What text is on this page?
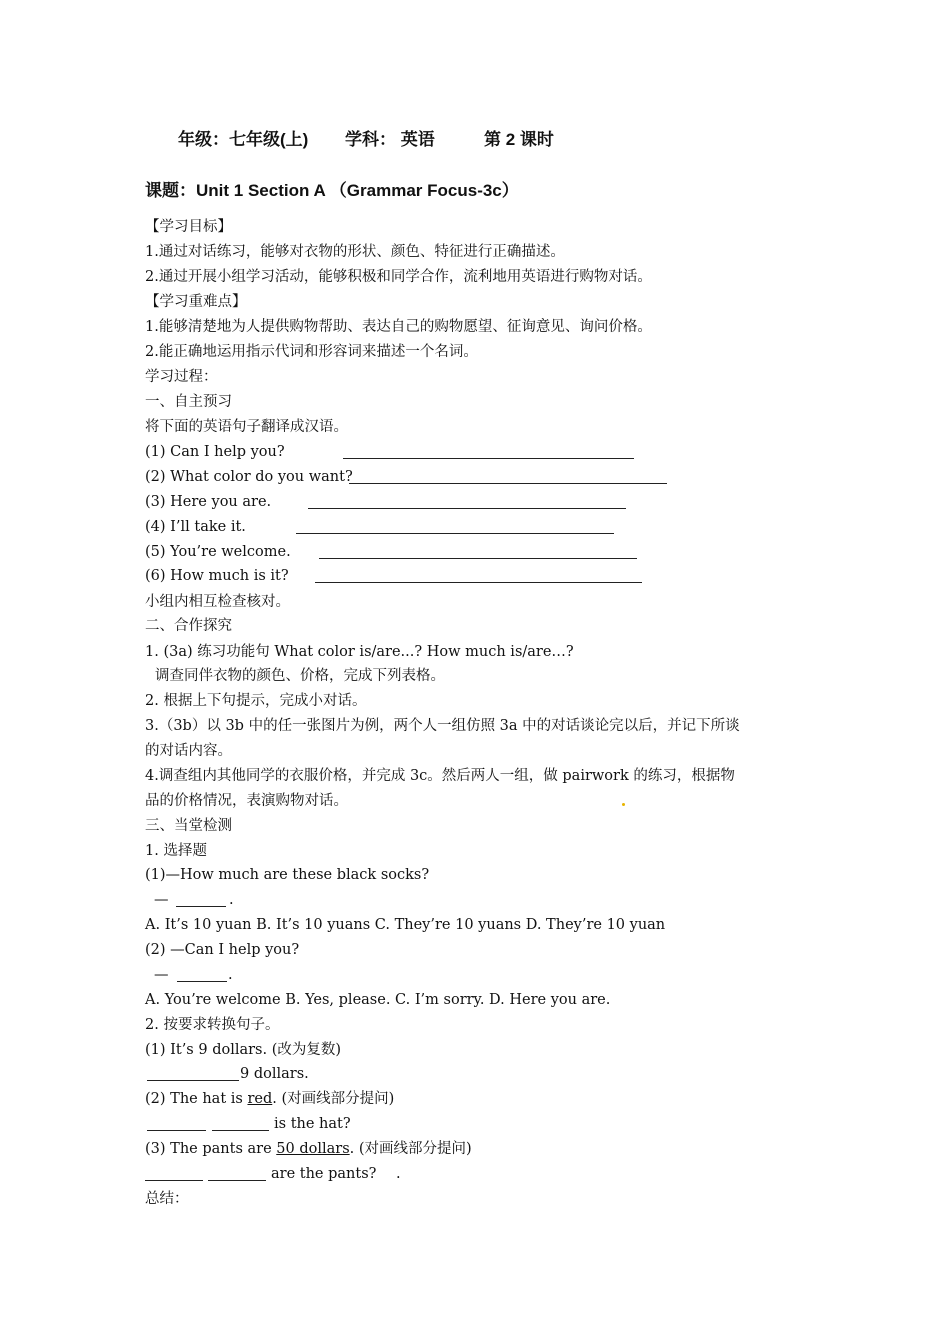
年级：七年级(上) 学科： 英语	第 2 课时
课题：Unit 1 Section A （Grammar Focus-3c）
【学习目标】
1.通过对话练习，能够对衣物的形状、颜色、特征进行正确描述。
2.通过开展小组学习活动，能够积极和同学合作，流利地用英语进行购物对话。
【学习重难点】
1.能够清楚地为人提供购物帮助、表达自己的购物愿望、征询意见、询问价格。
2.能正确地运用指示代词和形容词来描述一个名词。
学习过程：
一、自主预习
将下面的英语句子翻译成汉语。
(1) Can I help you?
(2) What color do you want?
(3) Here you are.
(4) I’ll take it.
(5) You’re welcome.
(6) How much is it?
小组内相互检查核对。
二、合作探究
1. (3a) 练习功能句 What color is/are...? How much is/are…?
调查同伴衣物的颜色、价格，完成下列表格。
2. 根据上下句提示，完成小对话。
3.（3b）以 3b 中的任一张图片为例，两个人一组仿照 3a 中的对话谈论完以后，并记下所谈
的对话内容。
4.调查组内其他同学的衣服价格，并完成 3c。然后两人一组，做 pairwork 的练习，根据物
品的价格情况，表演购物对话。
三、当堂检测
1. 选择题
(1)—How much are these black socks?
—	.
A. It’s 10 yuan B. It’s 10 yuans C. They’re 10 yuans D. They’re 10 yuan
(2) —Can I help you?
—	.
A. You’re welcome B. Yes, please. C. I’m sorry. D. Here you are.
2. 按要求转换句子。
(1) It’s 9 dollars. (改为复数)
9 dollars.
(2) The hat is red. (对画线部分提问)
is the hat?
(3) The pants are 50 dollars. (对画线部分提问)
are the pants? .
总结：
